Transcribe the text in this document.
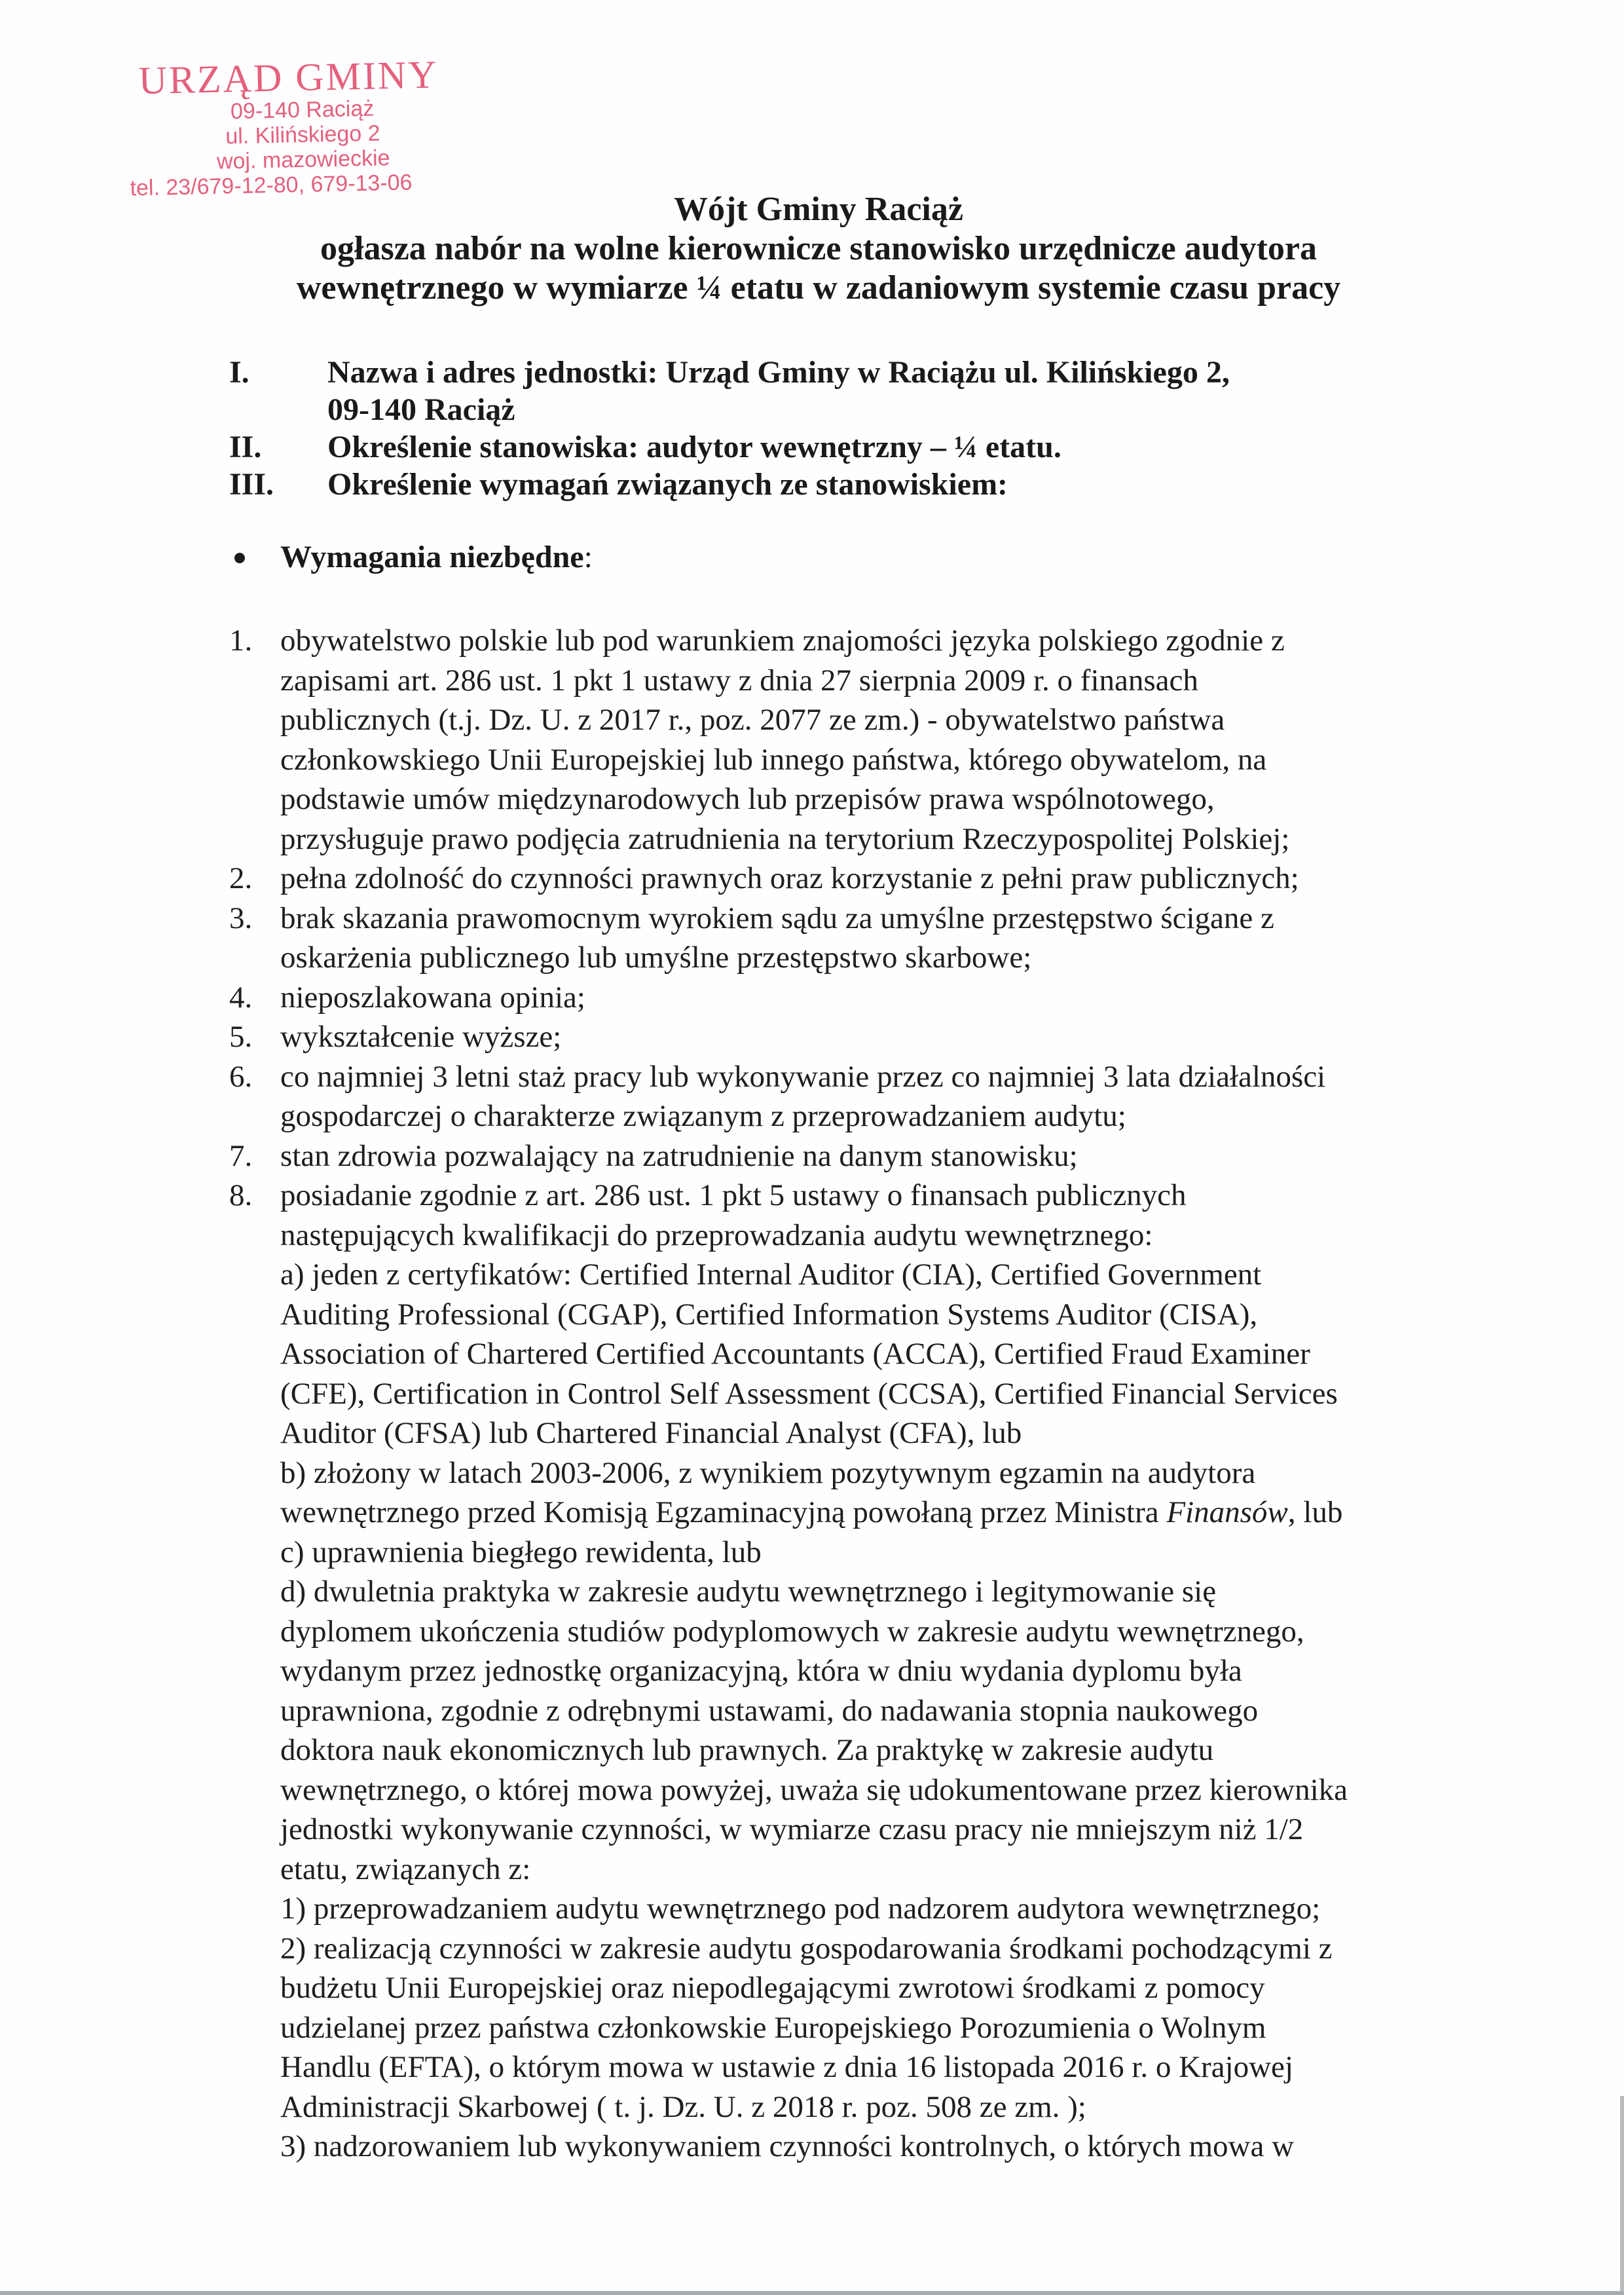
URZĄD GMINY
09-140 Raciąż
ul. Kilińskiego 2
woj. mazowieckie
tel. 23/679-12-80, 679-13-06
Wójt Gminy Raciąż
ogłasza nabór na wolne kierownicze stanowisko urzędnicze audytora
wewnętrznego w wymiarze ¼ etatu w zadaniowym systemie czasu pracy
I. Nazwa i adres jednostki: Urząd Gminy w Raciążu ul. Kilińskiego 2,
09-140 Raciąż
II. Określenie stanowiska: audytor wewnętrzny – ¼ etatu.
III. Określenie wymagań związanych ze stanowiskiem:
Wymagania niezbędne:
1. obywatelstwo polskie lub pod warunkiem znajomości języka polskiego zgodnie z
zapisami art. 286 ust. 1 pkt 1 ustawy z dnia 27 sierpnia 2009 r. o finansach
publicznych (t.j. Dz. U. z 2017 r., poz. 2077 ze zm.) - obywatelstwo państwa
członkowskiego Unii Europejskiej lub innego państwa, którego obywatelom, na
podstawie umów międzynarodowych lub przepisów prawa wspólnotowego,
przysługuje prawo podjęcia zatrudnienia na terytorium Rzeczypospolitej Polskiej;
2. pełna zdolność do czynności prawnych oraz korzystanie z pełni praw publicznych;
3. brak skazania prawomocnym wyrokiem sądu za umyślne przestępstwo ścigane z
oskarżenia publicznego lub umyślne przestępstwo skarbowe;
4. nieposzlakowana opinia;
5. wykształcenie wyższe;
6. co najmniej 3 letni staż pracy lub wykonywanie przez co najmniej 3 lata działalności
gospodarczej o charakterze związanym z przeprowadzaniem audytu;
7. stan zdrowia pozwalający na zatrudnienie na danym stanowisku;
8. posiadanie zgodnie z art. 286 ust. 1 pkt 5 ustawy o finansach publicznych
następujących kwalifikacji do przeprowadzania audytu wewnętrznego:
a) jeden z certyfikatów: Certified Internal Auditor (CIA), Certified Government
Auditing Professional (CGAP), Certified Information Systems Auditor (CISA),
Association of Chartered Certified Accountants (ACCA), Certified Fraud Examiner
(CFE), Certification in Control Self Assessment (CCSA), Certified Financial Services
Auditor (CFSA) lub Chartered Financial Analyst (CFA), lub
b) złożony w latach 2003-2006, z wynikiem pozytywnym egzamin na audytora
wewnętrznego przed Komisją Egzaminacyjną powołaną przez Ministra Finansów, lub
c) uprawnienia biegłego rewidenta, lub
d) dwuletnia praktyka w zakresie audytu wewnętrznego i legitymowanie się
dyplomem ukończenia studiów podyplomowych w zakresie audytu wewnętrznego,
wydanym przez jednostkę organizacyjną, która w dniu wydania dyplomu była
uprawniona, zgodnie z odrębnymi ustawami, do nadawania stopnia naukowego
doktora nauk ekonomicznych lub prawnych. Za praktykę w zakresie audytu
wewnętrznego, o której mowa powyżej, uważa się udokumentowane przez kierownika
jednostki wykonywanie czynności, w wymiarze czasu pracy nie mniejszym niż 1/2
etatu, związanych z:
1) przeprowadzaniem audytu wewnętrznego pod nadzorem audytora wewnętrznego;
2) realizacją czynności w zakresie audytu gospodarowania środkami pochodzącymi z
budżetu Unii Europejskiej oraz niepodlegającymi zwrotowi środkami z pomocy
udzielanej przez państwa członkowskie Europejskiego Porozumienia o Wolnym
Handlu (EFTA), o którym mowa w ustawie z dnia 16 listopada 2016 r. o Krajowej
Administracji Skarbowej ( t. j. Dz. U. z 2018 r. poz. 508 ze zm. );
3) nadzorowaniem lub wykonywaniem czynności kontrolnych, o których mowa w
